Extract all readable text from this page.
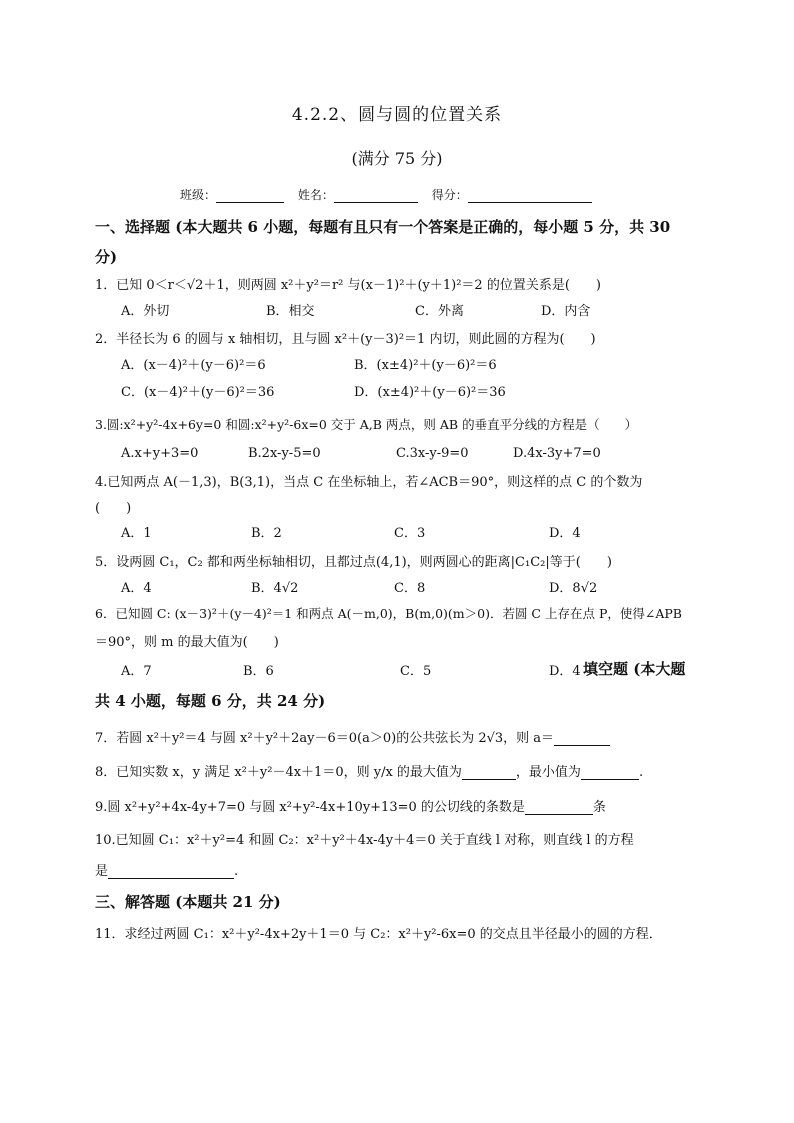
4.2.2、圆与圆的位置关系
(满分 75 分)
班级：	姓名：	得分：
一、选择题 (本大题共 6 小题，每题有且只有一个答案是正确的，每小题 5 分，共 30
分)
1．已知 0＜r＜√2＋1，则两圆 x²＋y²＝r² 与(x－1)²＋(y＋1)²＝2 的位置关系是(　　)
A．外切	B．相交	C．外离	D．内含
2．半径长为 6 的圆与 x 轴相切，且与圆 x²＋(y－3)²＝1 内切，则此圆的方程为(　　)
A．(x－4)²＋(y－6)²＝6	B．(x±4)²＋(y－6)²＝6
C．(x－4)²＋(y－6)²＝36	D．(x±4)²＋(y－6)²＝36
3.圆:x²+y²-4x+6y=0 和圆:x²+y²-6x=0 交于 A,B 两点，则 AB 的垂直平分线的方程是（　　）
A.x+y+3=0	B.2x-y-5=0	C.3x-y-9=0	D.4x-3y+7=0
4.已知两点 A(－1,3)，B(3,1)，当点 C 在坐标轴上，若∠ACB＝90°，则这样的点 C 的个数为
(　　)
A．1	B．2	C．3	D．4
5．设两圆 C₁，C₂ 都和两坐标轴相切，且都过点(4,1)，则两圆心的距离|C₁C₂|等于(　　)
A．4	B．4√2	C．8	D．8√2
6．已知圆 C: (x－3)²＋(y－4)²＝1 和两点 A(－m,0)，B(m,0)(m＞0)．若圆 C 上存在点 P，使得∠APB
＝90°，则 m 的最大值为(　　)
A．7	B．6	C．5	D．4 填空题 (本大题
共 4 小题，每题 6 分，共 24 分)
7．若圆 x²＋y²＝4 与圆 x²＋y²＋2ay－6＝0(a＞0)的公共弦长为 2√3，则 a＝
8．已知实数 x，y 满足 x²＋y²－4x＋1＝0，则 y/x 的最大值为	，最小值为	.
9.圆 x²+y²+4x-4y+7=0 与圆 x²+y²-4x+10y+13=0 的公切线的条数是	条
10.已知圆 C₁：x²＋y²=4 和圆 C₂：x²＋y²＋4x-4y＋4＝0 关于直线 l 对称，则直线 l 的方程
是	.
三、解答题 (本题共 21 分)
11．求经过两圆 C₁：x²＋y²-4x+2y＋1＝0 与 C₂：x²＋y²-6x=0 的交点且半径最小的圆的方程．
